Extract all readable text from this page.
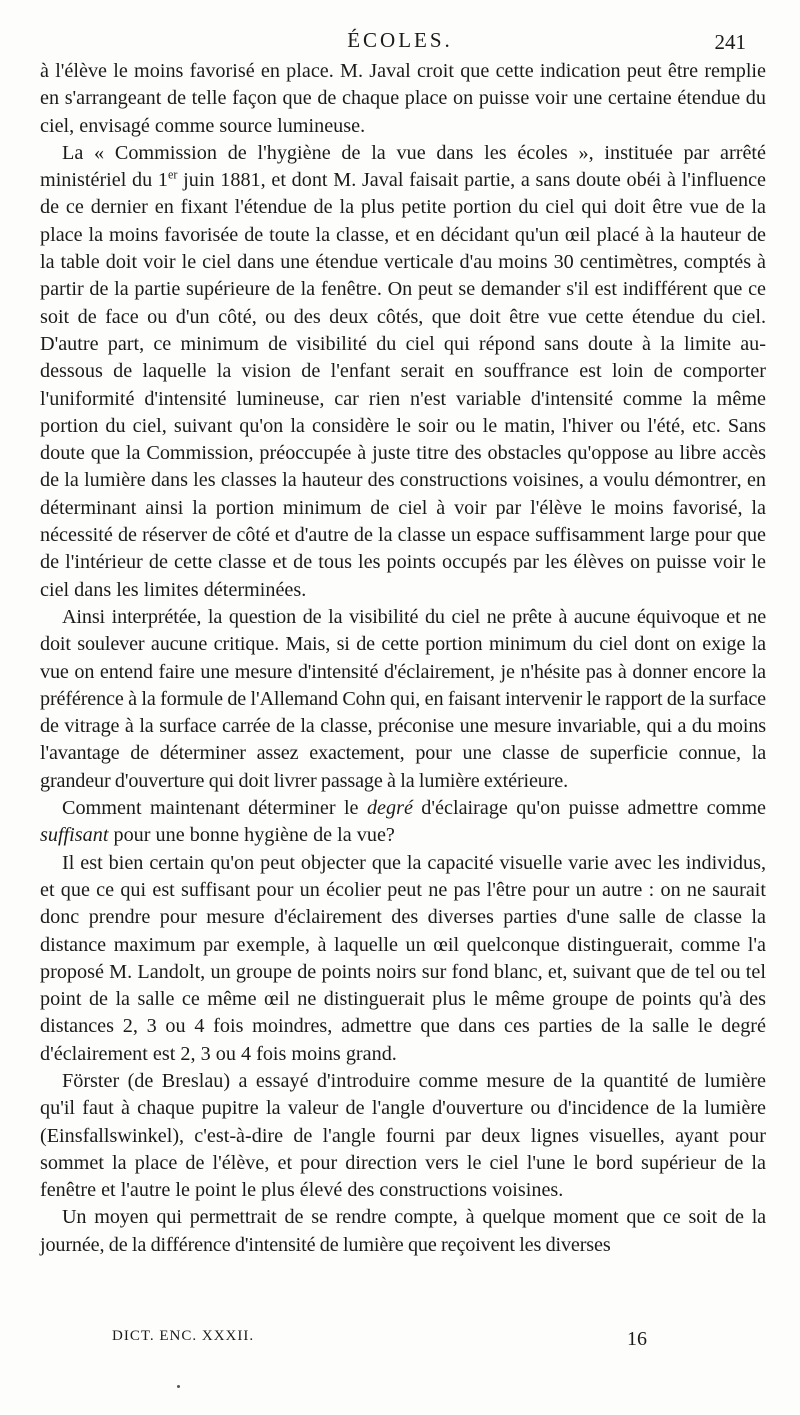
ÉCOLES.	241

à l'élève le moins favorisé en place. M. Javal croit que cette indication peut être remplie en s'arrangeant de telle façon que de chaque place on puisse voir une certaine étendue du ciel, envisagé comme source lumineuse.

La « Commission de l'hygiène de la vue dans les écoles », instituée par arrêté ministériel du 1er juin 1881, et dont M. Javal faisait partie, a sans doute obéi à l'influence de ce dernier en fixant l'étendue de la plus petite portion du ciel qui doit être vue de la place la moins favorisée de toute la classe, et en décidant qu'un œil placé à la hauteur de la table doit voir le ciel dans une étendue verticale d'au moins 30 centimètres, comptés à partir de la partie supérieure de la fenêtre. On peut se demander s'il est indifférent que ce soit de face ou d'un côté, ou des deux côtés, que doit être vue cette étendue du ciel. D'autre part, ce minimum de visibilité du ciel qui répond sans doute à la limite au-dessous de laquelle la vision de l'enfant serait en souffrance est loin de comporter l'uniformité d'intensité lumineuse, car rien n'est variable d'intensité comme la même portion du ciel, suivant qu'on la considère le soir ou le matin, l'hiver ou l'été, etc. Sans doute que la Commission, préoccupée à juste titre des obstacles qu'oppose au libre accès de la lumière dans les classes la hauteur des constructions voisines, a voulu démontrer, en déterminant ainsi la portion minimum de ciel à voir par l'élève le moins favorisé, la nécessité de réserver de côté et d'autre de la classe un espace suffisamment large pour que de l'intérieur de cette classe et de tous les points occupés par les élèves on puisse voir le ciel dans les limites déterminées.

Ainsi interprétée, la question de la visibilité du ciel ne prête à aucune équivoque et ne doit soulever aucune critique. Mais, si de cette portion minimum du ciel dont on exige la vue on entend faire une mesure d'intensité d'éclairement, je n'hésite pas à donner encore la préférence à la formule de l'Allemand Cohn qui, en faisant intervenir le rapport de la surface de vitrage à la surface carrée de la classe, préconise une mesure invariable, qui a du moins l'avantage de déterminer assez exactement, pour une classe de superficie connue, la grandeur d'ouverture qui doit livrer passage à la lumière extérieure.

Comment maintenant déterminer le degré d'éclairage qu'on puisse admettre comme suffisant pour une bonne hygiène de la vue?

Il est bien certain qu'on peut objecter que la capacité visuelle varie avec les individus, et que ce qui est suffisant pour un écolier peut ne pas l'être pour un autre : on ne saurait donc prendre pour mesure d'éclairement des diverses parties d'une salle de classe la distance maximum par exemple, à laquelle un œil quelconque distinguerait, comme l'a proposé M. Landolt, un groupe de points noirs sur fond blanc, et, suivant que de tel ou tel point de la salle ce même œil ne distinguerait plus le même groupe de points qu'à des distances 2, 3 ou 4 fois moindres, admettre que dans ces parties de la salle le degré d'éclairement est 2, 3 ou 4 fois moins grand.

Förster (de Breslau) a essayé d'introduire comme mesure de la quantité de lumière qu'il faut à chaque pupitre la valeur de l'angle d'ouverture ou d'incidence de la lumière (Einsfallswinkel), c'est-à-dire de l'angle fourni par deux lignes visuelles, ayant pour sommet la place de l'élève, et pour direction vers le ciel l'une le bord supérieur de la fenêtre et l'autre le point le plus élevé des constructions voisines.

Un moyen qui permettrait de se rendre compte, à quelque moment que ce soit de la journée, de la différence d'intensité de lumière que reçoivent les diverses

DICT. ENC. XXXII.	16
